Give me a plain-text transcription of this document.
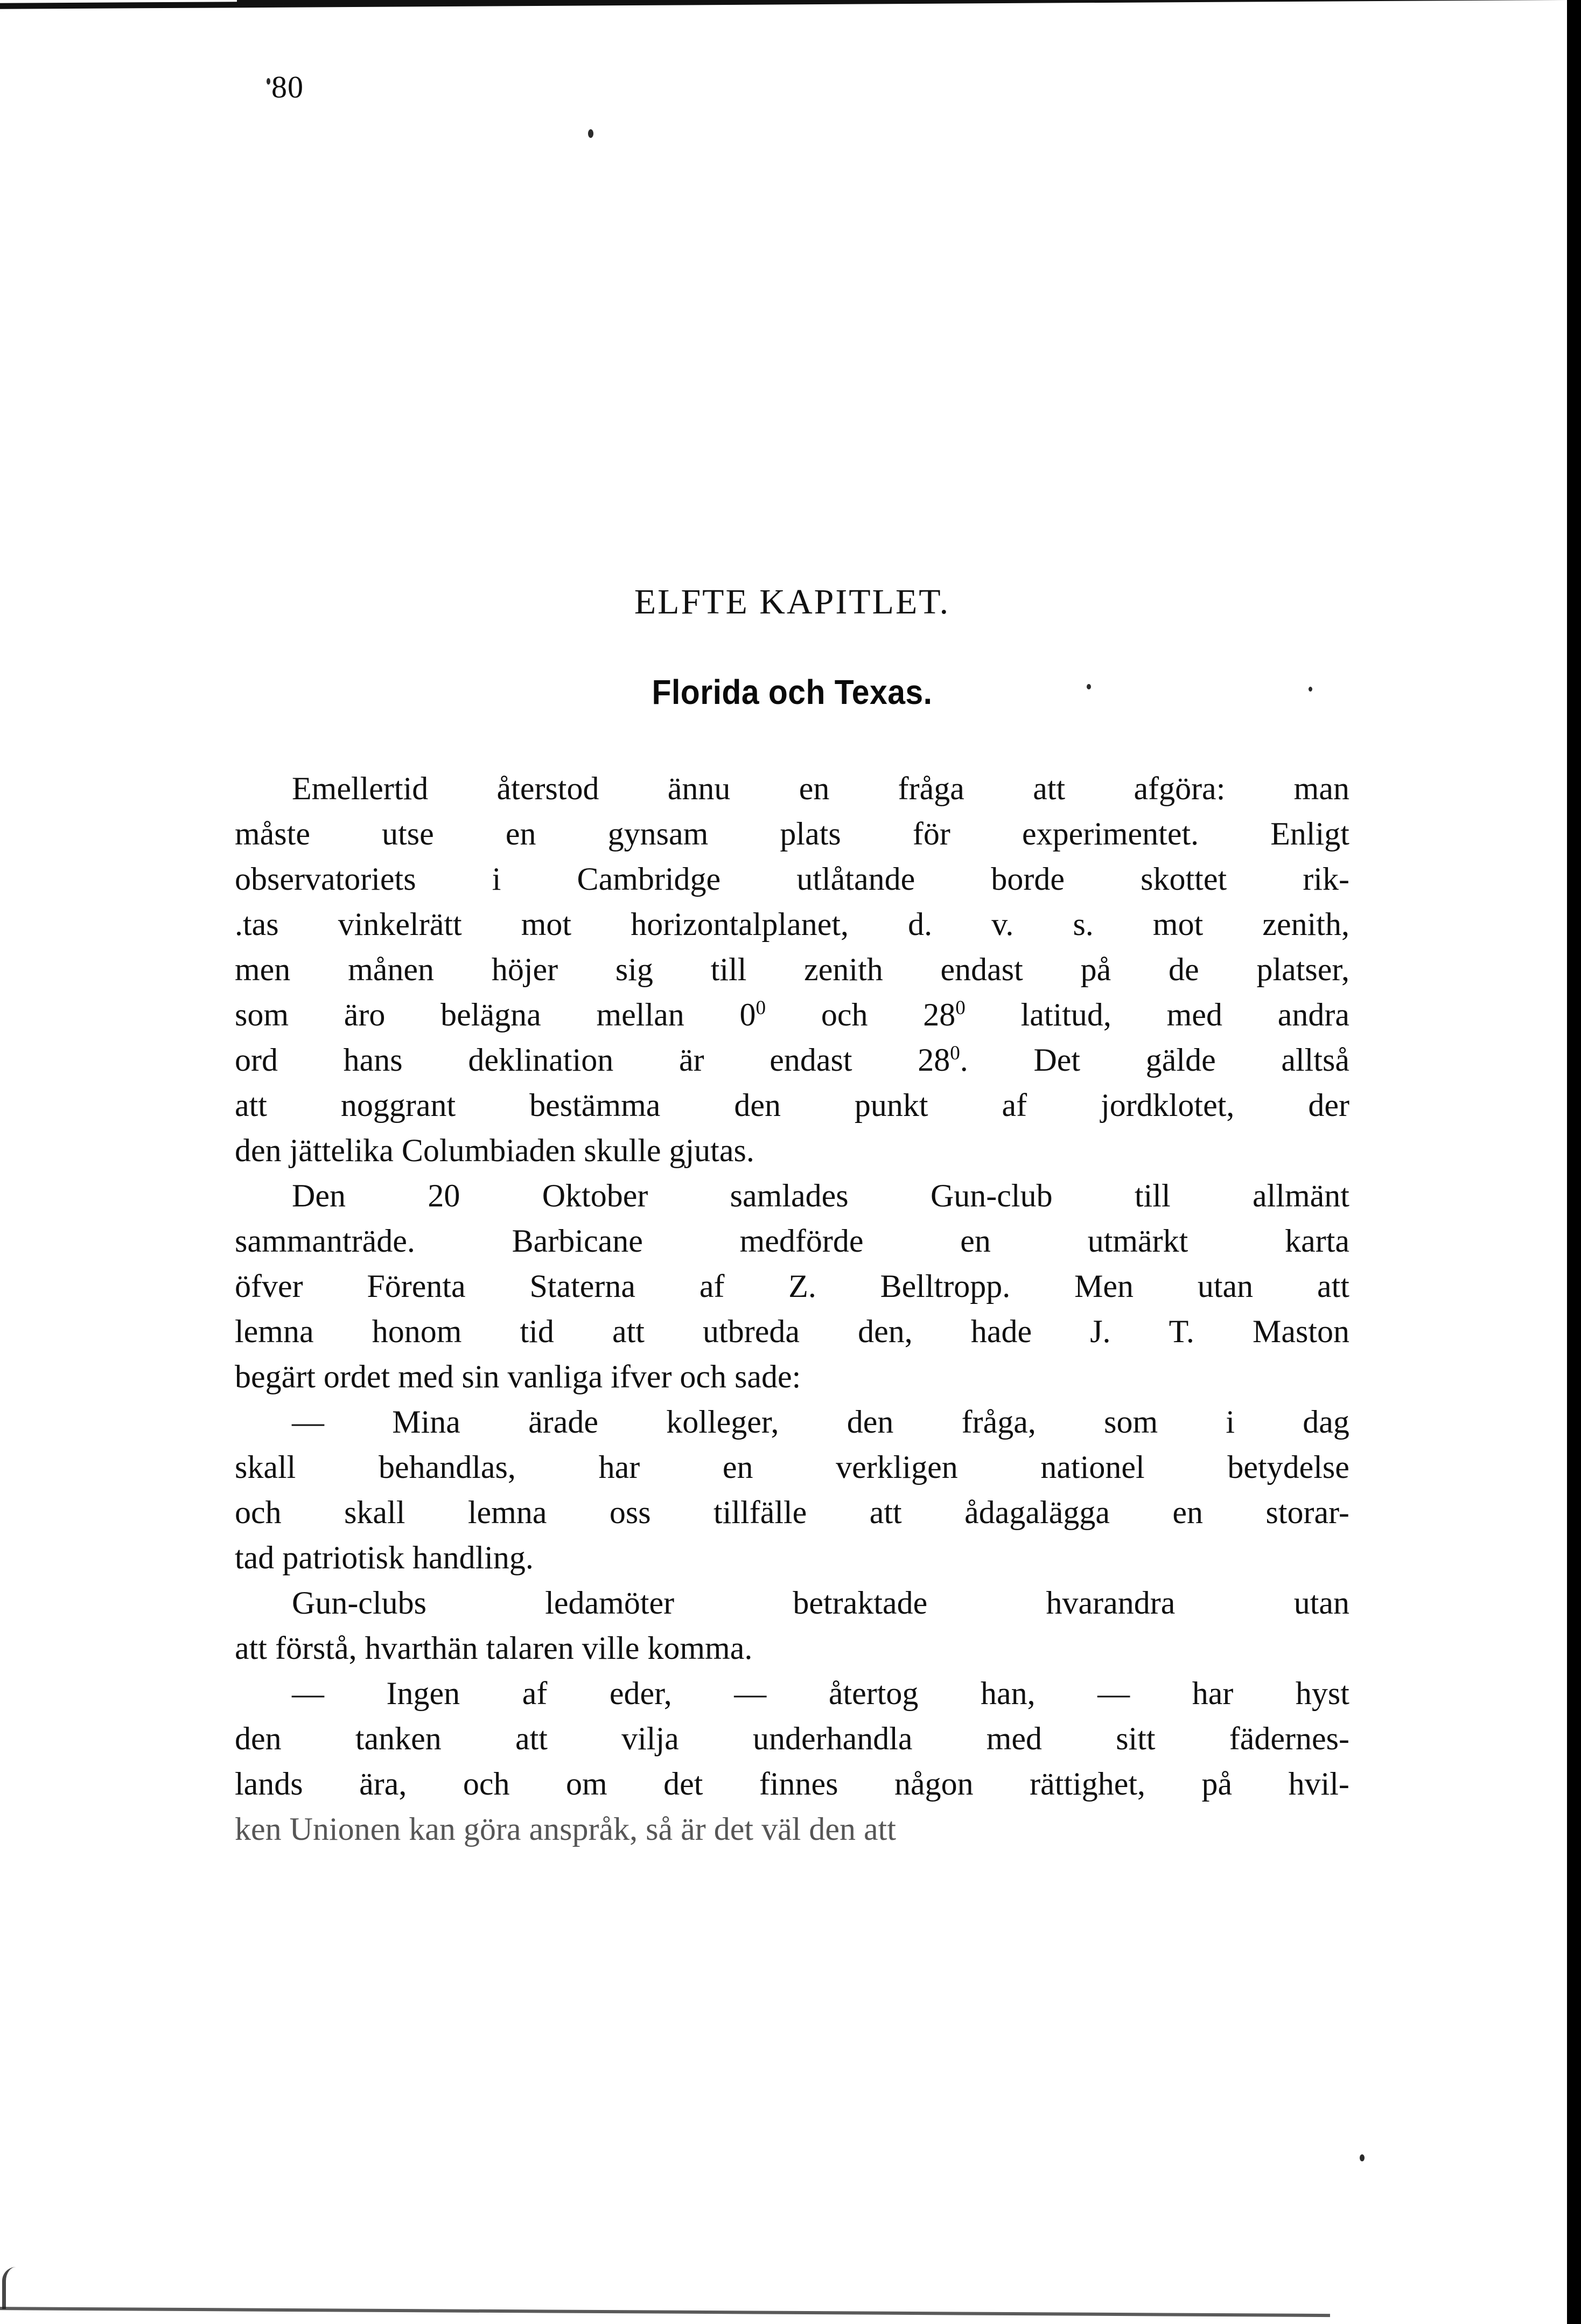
80
ELFTE KAPITLET.
Florida och Texas.
Emellertid återstod ännu en fråga att afgöra: man
måste utse en gynsam plats för experimentet. Enligt
observatoriets i Cambridge utlåtande borde skottet rik-
.tas vinkelrätt mot horizontalplanet, d. v. s. mot zenith,
men månen höjer sig till zenith endast på de platser,
som äro belägna mellan $0^0$ och $28^0$ latitud, med andra
ord hans deklination är endast $28^0$. Det gälde alltså
att noggrant bestämma den punkt af jordklotet, der
den jättelika Columbiaden skulle gjutas.
Den	20	Oktober	samlades	Gun-club	till	allmänt
sammanträde.	Barbicane	medförde	en	utmärkt	karta
öfver Förenta Staterna af Z. Belltropp. Men utan att
lemna honom tid att utbreda den, hade J. T. Maston
begärt ordet med sin vanliga ifver och sade:
— Mina ärade kolleger, den fråga, som i dag
skall	behandlas,	har	en	verkligen	nationel	betydelse
och skall lemna oss tillfälle att ådagalägga en storar-
tad patriotisk handling.
Gun-clubs	ledamöter	betraktade	hvarandra	utan
att förstå, hvarthän talaren ville komma.
— Ingen af eder, — återtog han, — har hyst
den tanken att vilja underhandla med sitt fädernes-
lands ära, och om det finnes någon rättighet, på hvil-
ken Unionen kan göra anspråk, så är det väl den att
